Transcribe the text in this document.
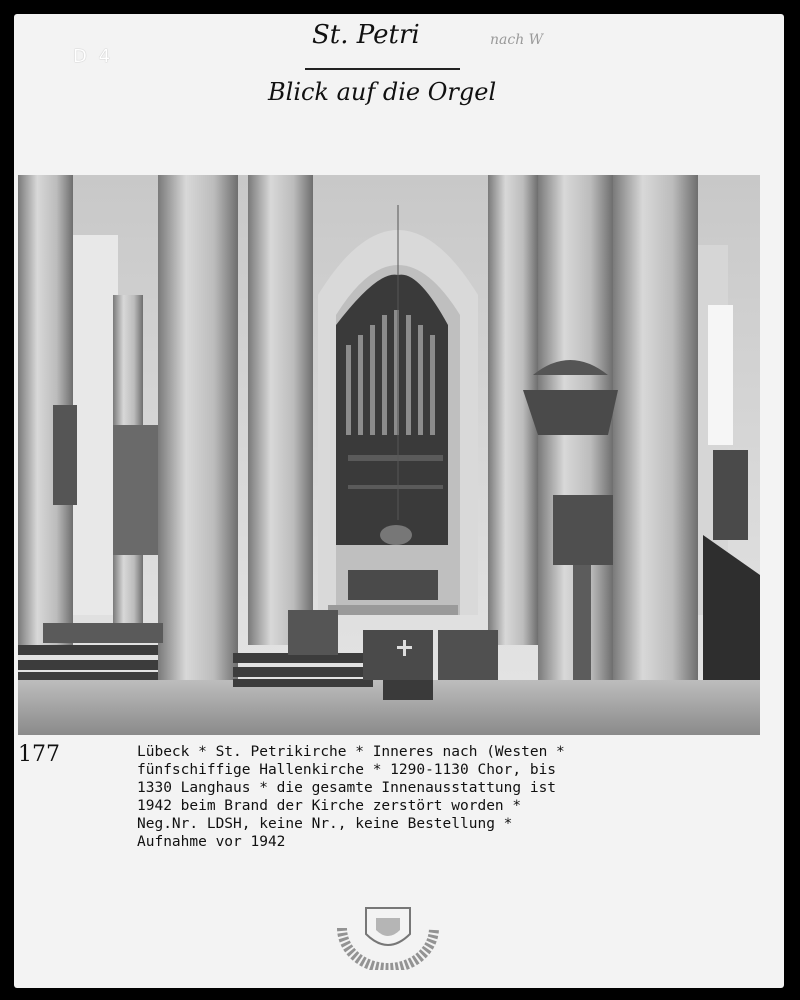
D 4
St. Petri	nach W
Blick auf die Orgel
177	Lübeck * St. Petrikirche * Inneres nach (Westen *
fünfschiffige Hallenkirche * 1290-1130 Chor, bis
1330 Langhaus * die gesamte Innenausstattung ist
1942 beim Brand der Kirche zerstört worden *
Neg.Nr. LDSH, keine Nr., keine Bestellung *
Aufnahme vor 1942
